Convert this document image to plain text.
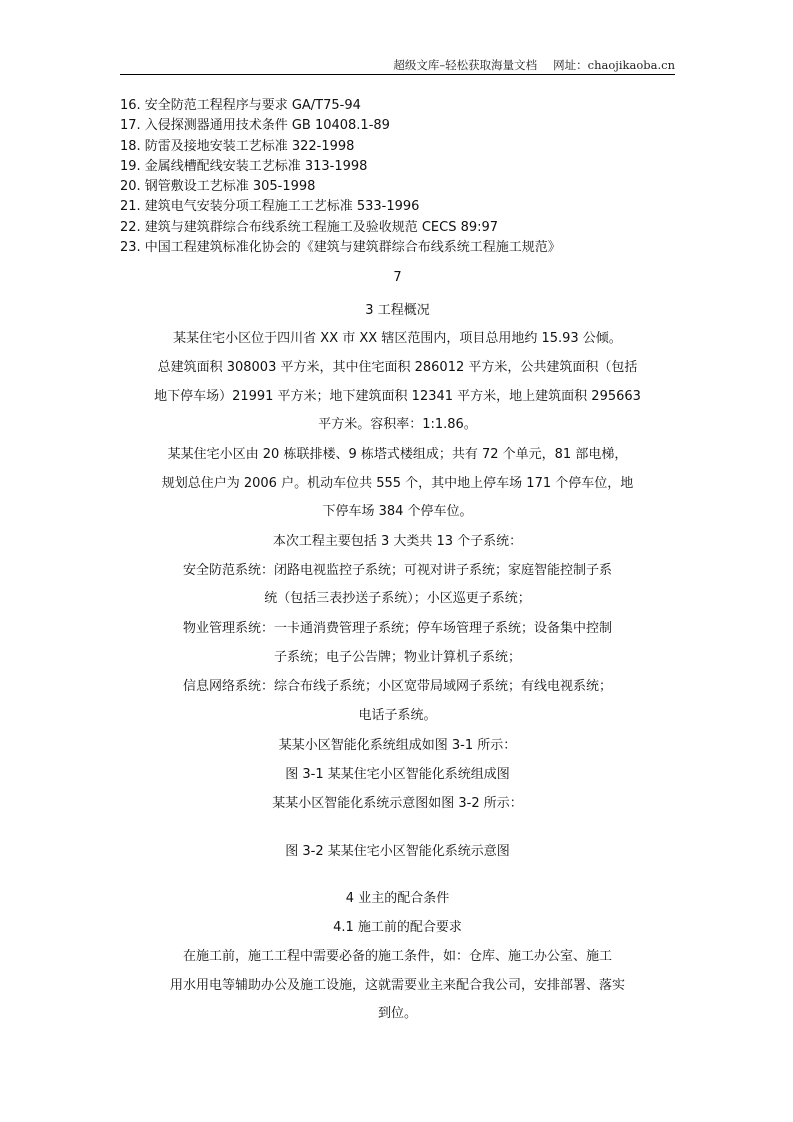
超级文库–轻松获取海量文档 网址：chaojikaoba.cn
16. 安全防范工程程序与要求 GA/T75-94
17. 入侵探测器通用技术条件 GB 10408.1-89
18. 防雷及接地安装工艺标准 322-1998
19. 金属线槽配线安装工艺标准 313-1998
20. 钢管敷设工艺标准 305-1998
21. 建筑电气安装分项工程施工工艺标准 533-1996
22. 建筑与建筑群综合布线系统工程施工及验收规范 CECS 89:97
23. 中国工程建筑标准化协会的《建筑与建筑群综合布线系统工程施工规范》
7
3 工程概况
某某住宅小区位于四川省 XX 市 XX 辖区范围内，项目总用地约 15.93 公倾。
总建筑面积 308003 平方米，其中住宅面积 286012 平方米，公共建筑面积（包括
地下停车场）21991 平方米；地下建筑面积 12341 平方米，地上建筑面积 295663
平方米。容积率：1:1.86。
某某住宅小区由 20 栋联排楼、9 栋塔式楼组成；共有 72 个单元，81 部电梯，
规划总住户为 2006 户。机动车位共 555 个，其中地上停车场 171 个停车位，地
下停车场 384 个停车位。
本次工程主要包括 3 大类共 13 个子系统：
安全防范系统：闭路电视监控子系统；可视对讲子系统；家庭智能控制子系
统（包括三表抄送子系统）；小区巡更子系统；
物业管理系统：一卡通消费管理子系统；停车场管理子系统；设备集中控制
子系统；电子公告牌；物业计算机子系统；
信息网络系统：综合布线子系统；小区宽带局域网子系统；有线电视系统；
电话子系统。
某某小区智能化系统组成如图 3-1 所示：
图 3-1 某某住宅小区智能化系统组成图
某某小区智能化系统示意图如图 3-2 所示：
图 3-2 某某住宅小区智能化系统示意图
4 业主的配合条件
4.1 施工前的配合要求
在施工前，施工工程中需要必备的施工条件，如：仓库、施工办公室、施工
用水用电等辅助办公及施工设施，这就需要业主来配合我公司，安排部署、落实
到位。
